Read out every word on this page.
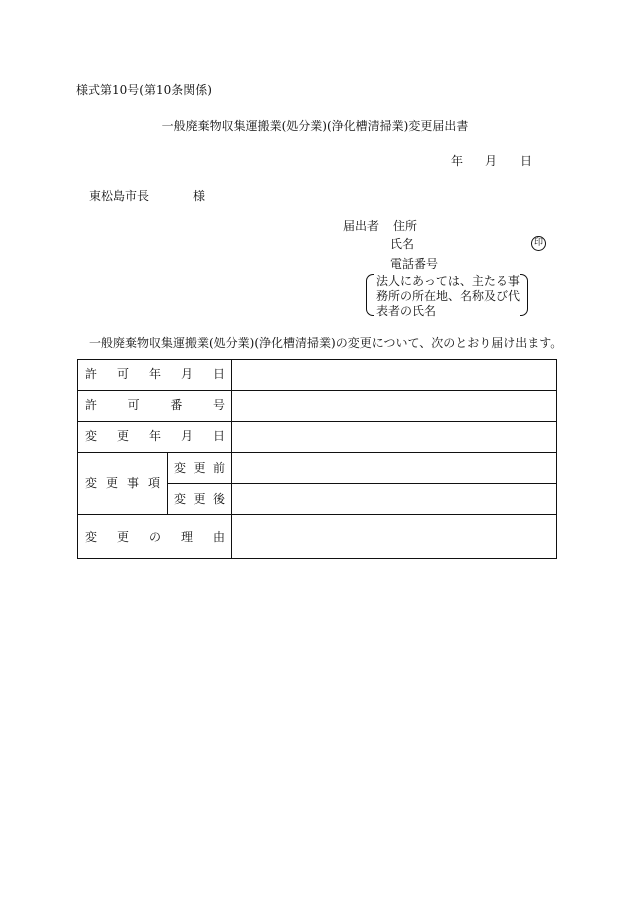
様式第10号(第10条関係)
一般廃棄物収集運搬業(処分業)(浄化槽清掃業)変更届出書
年 月 日
東松島市長	様
届出者 住所
氏名	印
電話番号
法人にあっては、主たる事
務所の所在地、名称及び代
表者の氏名
一般廃棄物収集運搬業(処分業)(浄化槽清掃業)の変更について、次のとおり届け出ます。
許 可 年 月 日
許	可	番	号
変 更 年 月 日
変 更 事 項
変 更 前
変 更 後
変 更 の 理 由
